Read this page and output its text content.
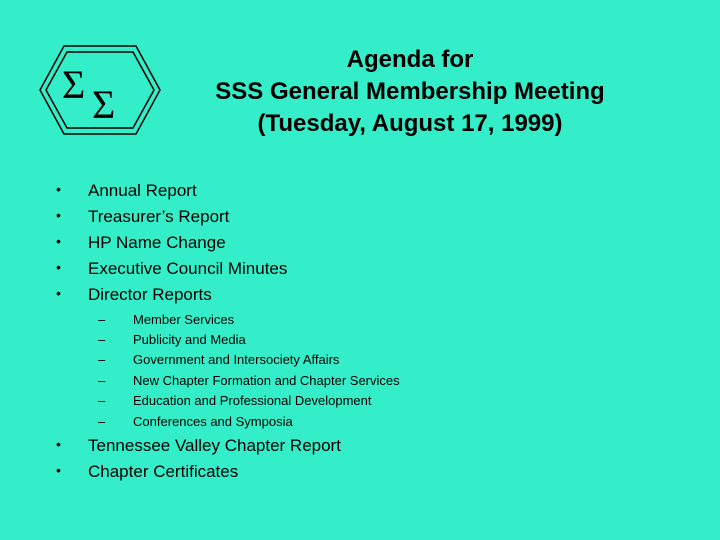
Σ Σ
Agenda for
SSS General Membership Meeting
(Tuesday, August 17, 1999)
• Annual Report
• Treasurer’s Report
• HP Name Change
• Executive Council Minutes
• Director Reports
– Member Services
– Publicity and Media
– Government and Intersociety Affairs
– New Chapter Formation and Chapter Services
– Education and Professional Development
– Conferences and Symposia
• Tennessee Valley Chapter Report
• Chapter Certificates
